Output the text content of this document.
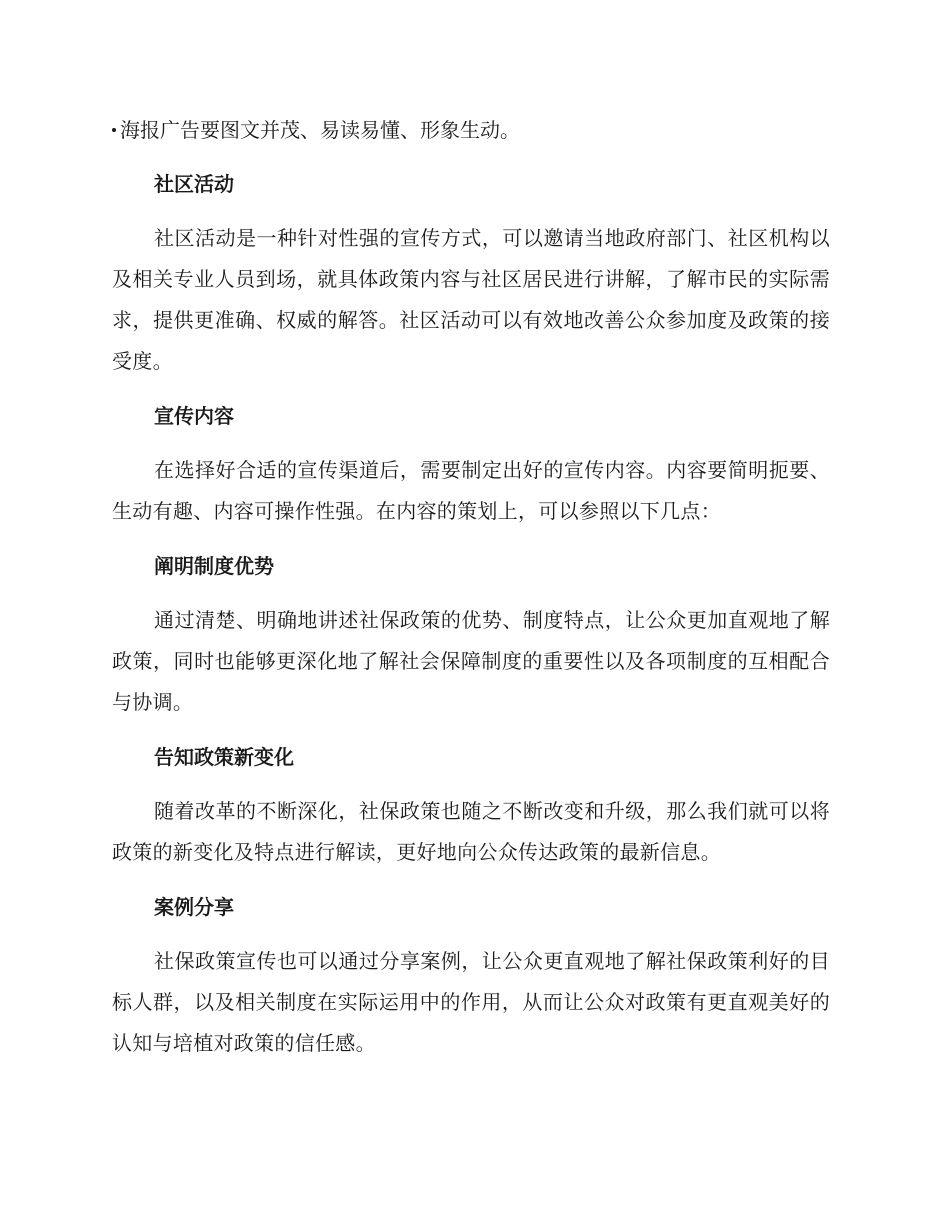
海报广告要图文并茂、易读易懂、形象生动。

社区活动

社区活动是一种针对性强的宣传方式，可以邀请当地政府部门、社区机构以及相关专业人员到场，就具体政策内容与社区居民进行讲解，了解市民的实际需求，提供更准确、权威的解答。社区活动可以有效地改善公众参加度及政策的接受度。

宣传内容

在选择好合适的宣传渠道后，需要制定出好的宣传内容。内容要简明扼要、生动有趣、内容可操作性强。在内容的策划上，可以参照以下几点：

阐明制度优势

通过清楚、明确地讲述社保政策的优势、制度特点，让公众更加直观地了解政策，同时也能够更深化地了解社会保障制度的重要性以及各项制度的互相配合与协调。

告知政策新变化

随着改革的不断深化，社保政策也随之不断改变和升级，那么我们就可以将政策的新变化及特点进行解读，更好地向公众传达政策的最新信息。

案例分享

社保政策宣传也可以通过分享案例，让公众更直观地了解社保政策利好的目标人群，以及相关制度在实际运用中的作用，从而让公众对政策有更直观美好的认知与培植对政策的信任感。
